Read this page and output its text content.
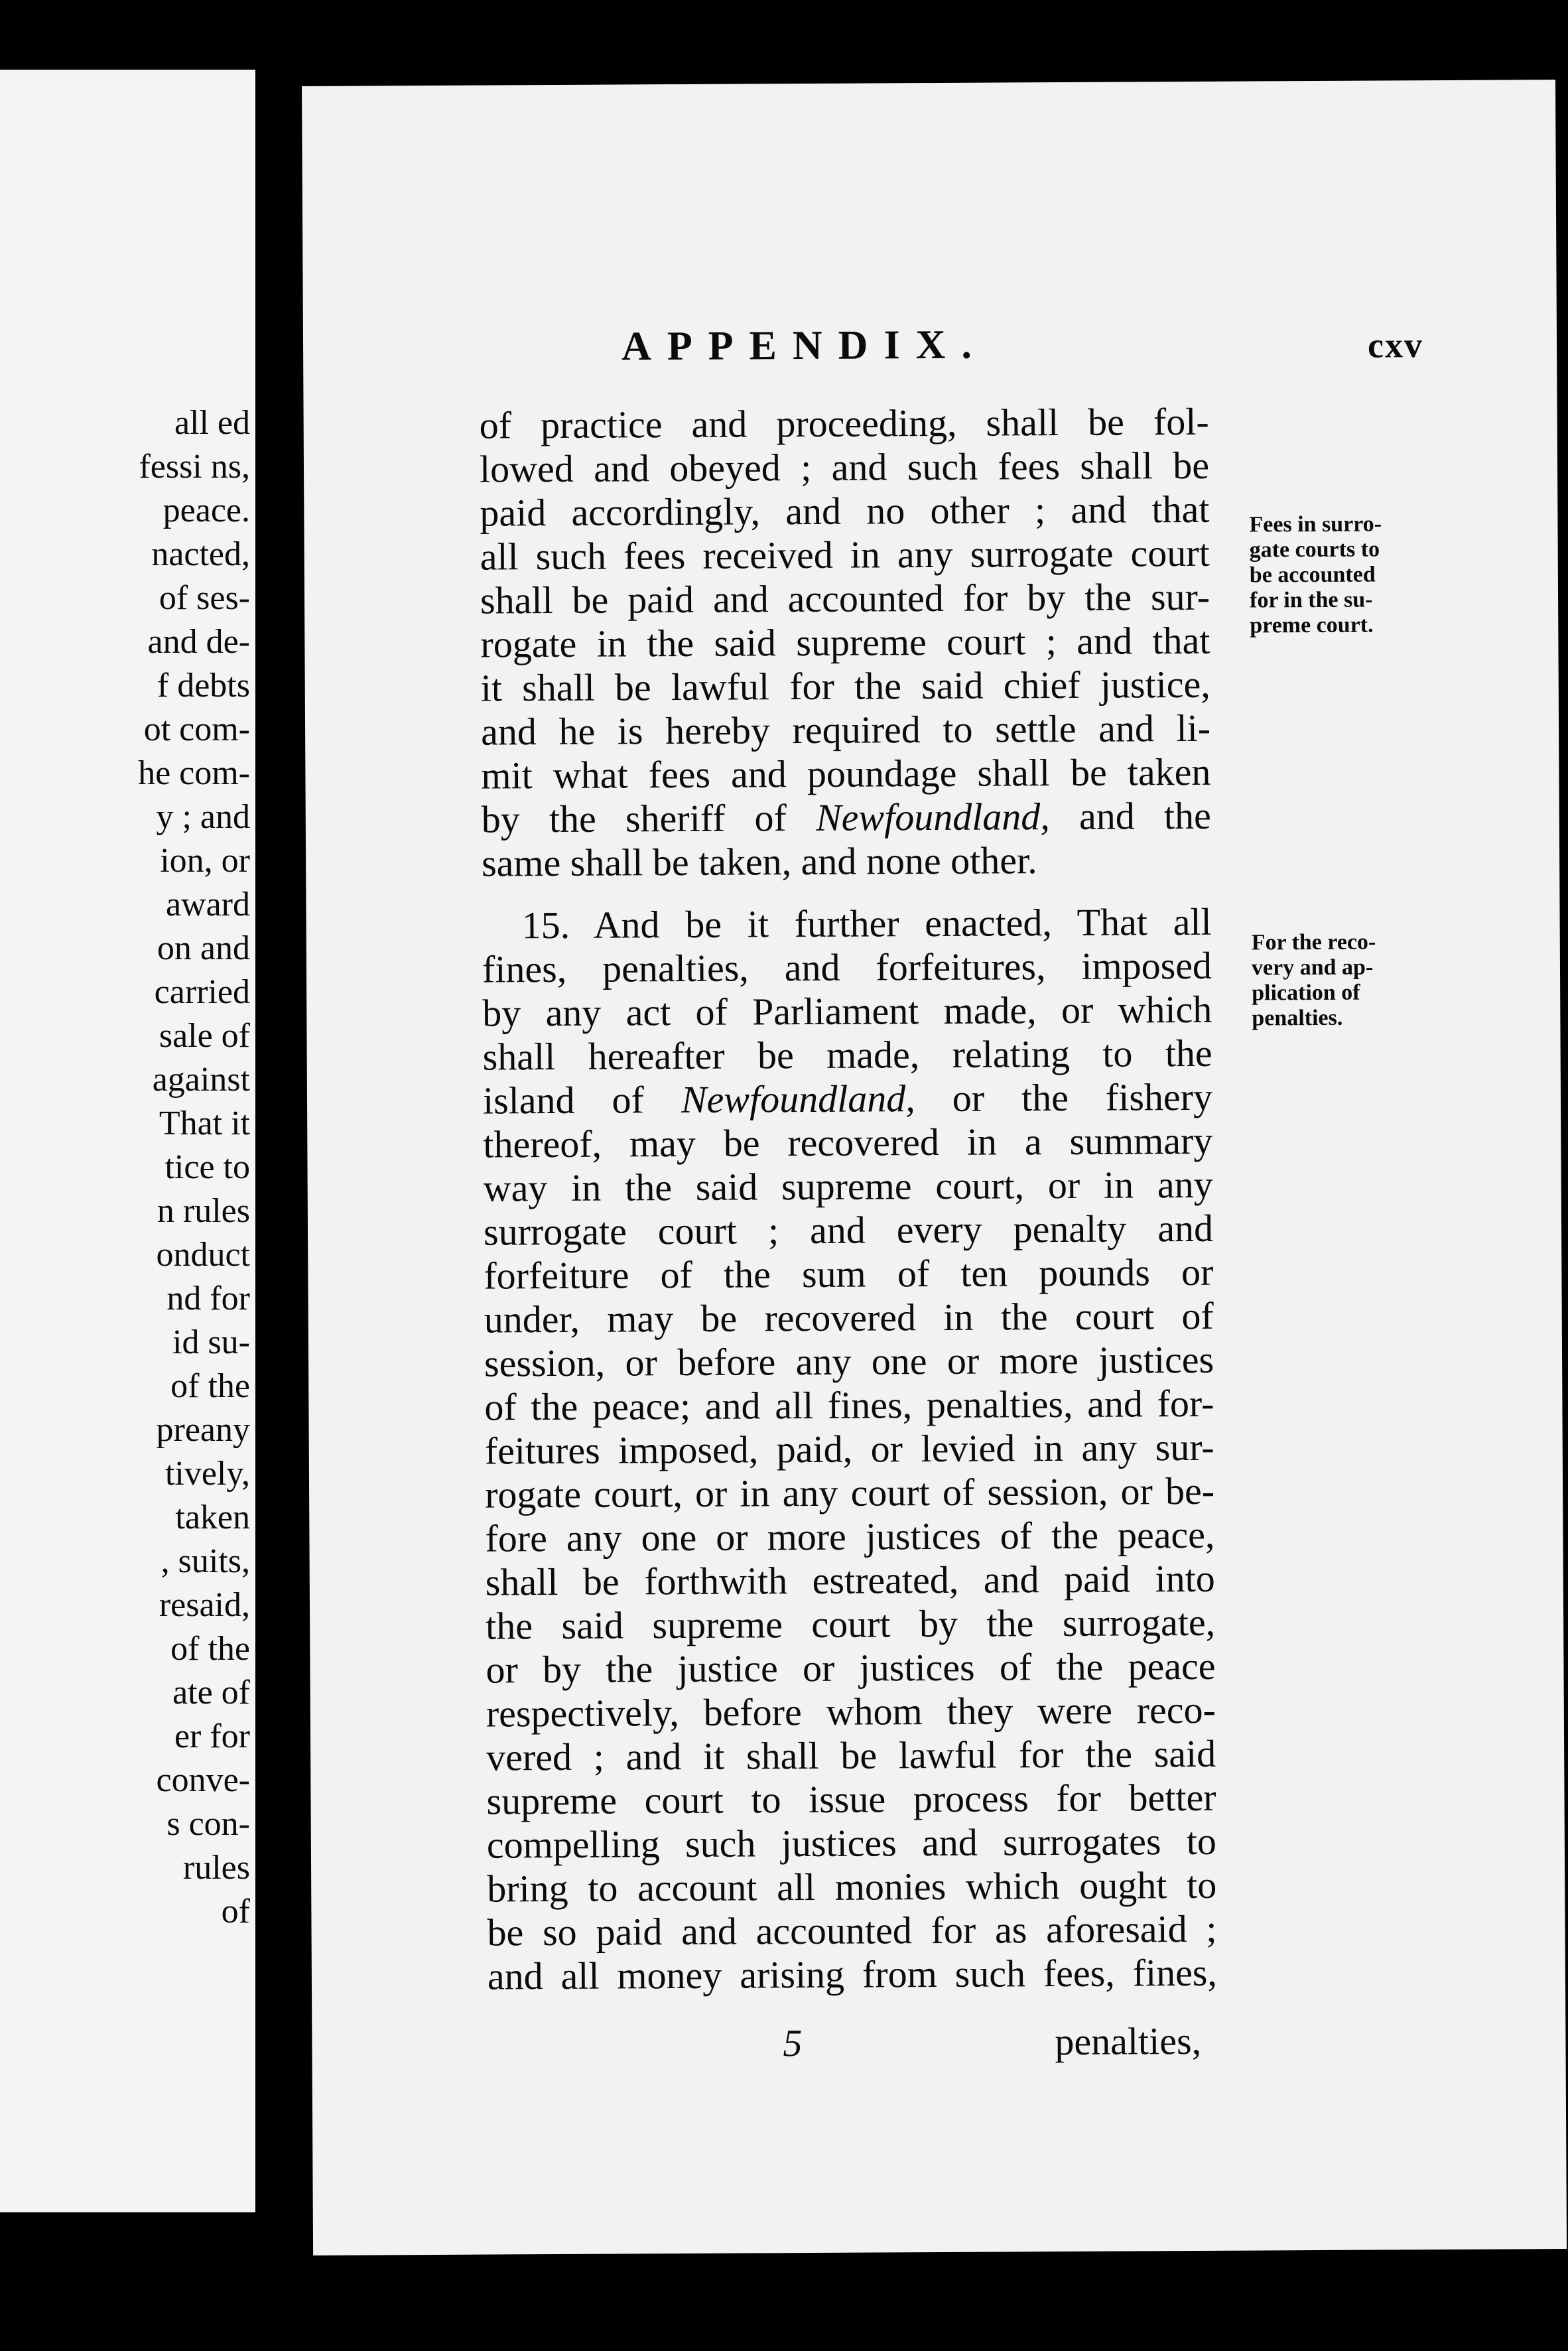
all ed
fessi ns,
peace.
nacted,
of ses-
and de-
f debts
ot com-
he com-
y ; and
ion, or
award
on and
carried
sale of
against
That it
tice to
n rules
onduct
nd for
id su-
of the
preany
tively,
taken
, suits,
resaid,
of the
ate of
er for
conve-
s con-
rules
of
APPENDIX.	cxv
of practice and proceeding, shall be fol-
lowed and obeyed ; and such fees shall be
paid accordingly, and no other ; and that
all such fees received in any surrogate court
shall be paid and accounted for by the sur-
rogate in the said supreme court ; and that
it shall be lawful for the said chief justice,
and he is hereby required to settle and li-
mit what fees and poundage shall be taken
by the sheriff of Newfoundland, and the
same shall be taken, and none other.
15. And be it further enacted, That all
fines, penalties, and forfeitures, imposed
by any act of Parliament made, or which
shall hereafter be made, relating to the
island of Newfoundland, or the fishery
thereof, may be recovered in a summary
way in the said supreme court, or in any
surrogate court ; and every penalty and
forfeiture of the sum of ten pounds or
under, may be recovered in the court of
session, or before any one or more justices
of the peace; and all fines, penalties, and for-
feitures imposed, paid, or levied in any sur-
rogate court, or in any court of session, or be-
fore any one or more justices of the peace,
shall be forthwith estreated, and paid into
the said supreme court by the surrogate,
or by the justice or justices of the peace
respectively, before whom they were reco-
vered ; and it shall be lawful for the said
supreme court to issue process for better
compelling such justices and surrogates to
bring to account all monies which ought to
be so paid and accounted for as aforesaid ;
and all money arising from such fees, fines,
Fees in surro-
gate courts to
be accounted
for in the su-
preme court.
For the reco-
very and ap-
plication of
penalties.
5	penalties,
